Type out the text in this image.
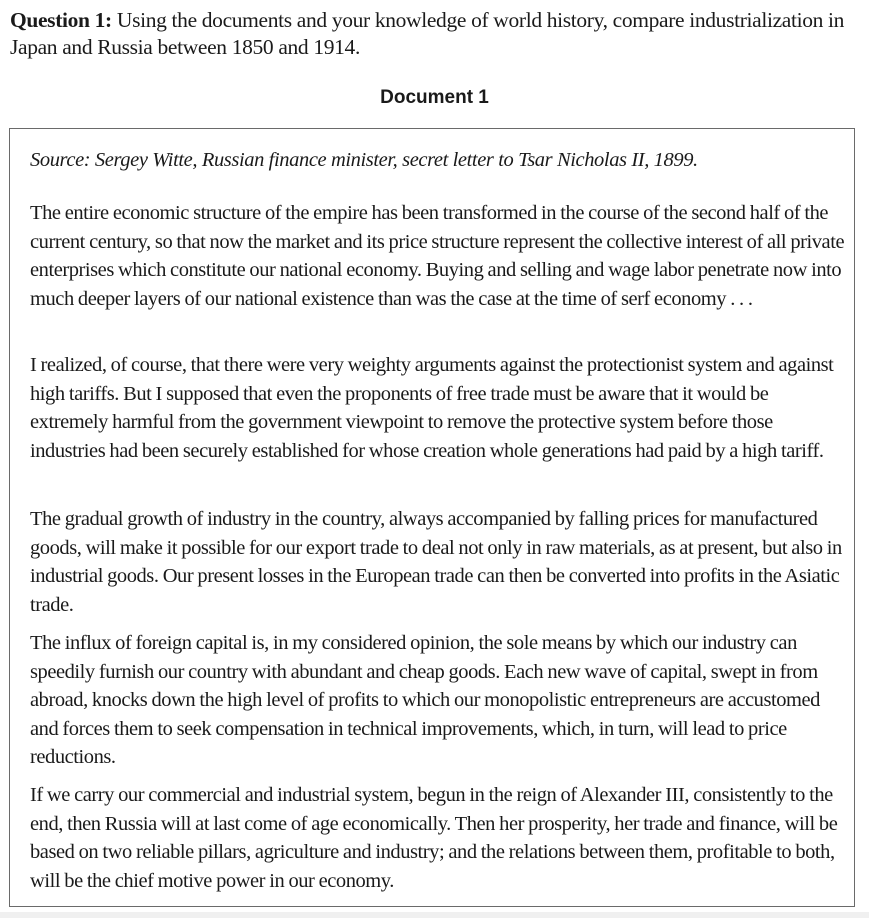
Question 1: Using the documents and your knowledge of world history, compare industrialization in Japan and Russia between 1850 and 1914.
Document 1
Source: Sergey Witte, Russian finance minister, secret letter to Tsar Nicholas II, 1899.
The entire economic structure of the empire has been transformed in the course of the second half of the current century, so that now the market and its price structure represent the collective interest of all private enterprises which constitute our national economy. Buying and selling and wage labor penetrate now into much deeper layers of our national existence than was the case at the time of serf economy . . .
I realized, of course, that there were very weighty arguments against the protectionist system and against high tariffs. But I supposed that even the proponents of free trade must be aware that it would be extremely harmful from the government viewpoint to remove the protective system before those industries had been securely established for whose creation whole generations had paid by a high tariff.
The gradual growth of industry in the country, always accompanied by falling prices for manufactured goods, will make it possible for our export trade to deal not only in raw materials, as at present, but also in industrial goods. Our present losses in the European trade can then be converted into profits in the Asiatic trade.
The influx of foreign capital is, in my considered opinion, the sole means by which our industry can speedily furnish our country with abundant and cheap goods. Each new wave of capital, swept in from abroad, knocks down the high level of profits to which our monopolistic entrepreneurs are accustomed and forces them to seek compensation in technical improvements, which, in turn, will lead to price reductions.
If we carry our commercial and industrial system, begun in the reign of Alexander III, consistently to the end, then Russia will at last come of age economically. Then her prosperity, her trade and finance, will be based on two reliable pillars, agriculture and industry; and the relations between them, profitable to both, will be the chief motive power in our economy.
